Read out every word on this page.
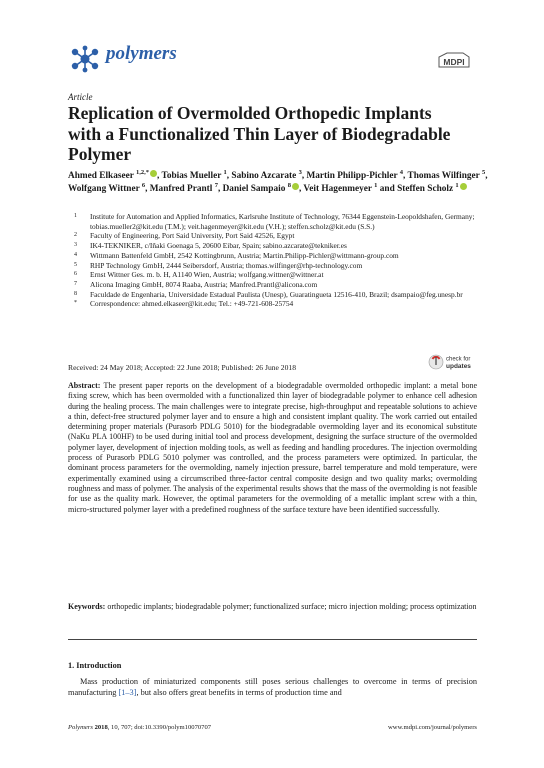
polymers	MDPI
Article
Replication of Overmolded Orthopedic Implants with a Functionalized Thin Layer of Biodegradable Polymer
Ahmed Elkaseer $^{1,2,*}$ , Tobias Mueller $^1$, Sabino Azcarate $^3$, Martin Philipp-Pichler $^4$, Thomas Wilfinger $^5$, Wolfgang Wittner $^6$, Manfred Prantl $^7$, Daniel Sampaio $^8$ , Veit Hagenmeyer $^1$ and Steffen Scholz $^1$
1 Institute for Automation and Applied Informatics, Karlsruhe Institute of Technology, 76344 Eggenstein-Leopoldshafen, Germany; tobias.mueller2@kit.edu (T.M.); veit.hagenmeyer@kit.edu (V.H.); steffen.scholz@kit.edu (S.S.)
2 Faculty of Engineering, Port Said University, Port Said 42526, Egypt
3 IK4-TEKNIKER, c/Iñaki Goenaga 5, 20600 Eibar, Spain; sabino.azcarate@tekniker.es
4 Wittmann Battenfeld GmbH, 2542 Kottingbrunn, Austria; Martin.Philipp-Pichler@wittmann-group.com
5 RHP Technology GmbH, 2444 Seibersdorf, Austria; thomas.wilfinger@rhp-technology.com
6 Ernst Wittner Ges. m. b. H, A1140 Wien, Austria; wolfgang.wittner@wittner.at
7 Alicona Imaging GmbH, 8074 Raaba, Austria; Manfred.Prantl@alicona.com
8 Faculdade de Engenharia, Universidade Estadual Paulista (Unesp), Guaratingueta 12516-410, Brazil; dsampaio@feg.unesp.br
* Correspondence: ahmed.elkaseer@kit.edu; Tel.: +49-721-608-25754
Received: 24 May 2018; Accepted: 22 June 2018; Published: 26 June 2018
check for
updates
Abstract: The present paper reports on the development of a biodegradable overmolded orthopedic implant: a metal bone fixing screw, which has been overmolded with a functionalized thin layer of biodegradable polymer to enhance cell adhesion during the healing process. The main challenges were to integrate precise, high-throughput and repeatable solutions to achieve a thin, defect-free structured polymer layer and to ensure a high and consistent implant quality. The work carried out entailed determining proper materials (Purasorb PDLG 5010) for the biodegradable overmolding layer and its economical substitute (NaKu PLA 100HF) to be used during initial tool and process development, designing the surface structure of the overmolded polymer layer, development of injection molding tools, as well as feeding and handling procedures. The injection overmolding process of Purasorb PDLG 5010 polymer was controlled, and the process parameters were optimized. In particular, the dominant process parameters for the overmolding, namely injection pressure, barrel temperature and mold temperature, were experimentally examined using a circumscribed three-factor central composite design and two quality marks; overmolding roughness and mass of polymer. The analysis of the experimental results shows that the mass of the overmolding is not feasible for use as the quality mark. However, the optimal parameters for the overmolding of a metallic implant screw with a thin, micro-structured polymer layer with a predefined roughness of the surface texture have been identified successfully.
Keywords: orthopedic implants; biodegradable polymer; functionalized surface; micro injection molding; process optimization
1. Introduction
Mass production of miniaturized components still poses serious challenges to overcome in terms of precision manufacturing [1–3], but also offers great benefits in terms of production time and
Polymers 2018, 10, 707; doi:10.3390/polym10070707	www.mdpi.com/journal/polymers
